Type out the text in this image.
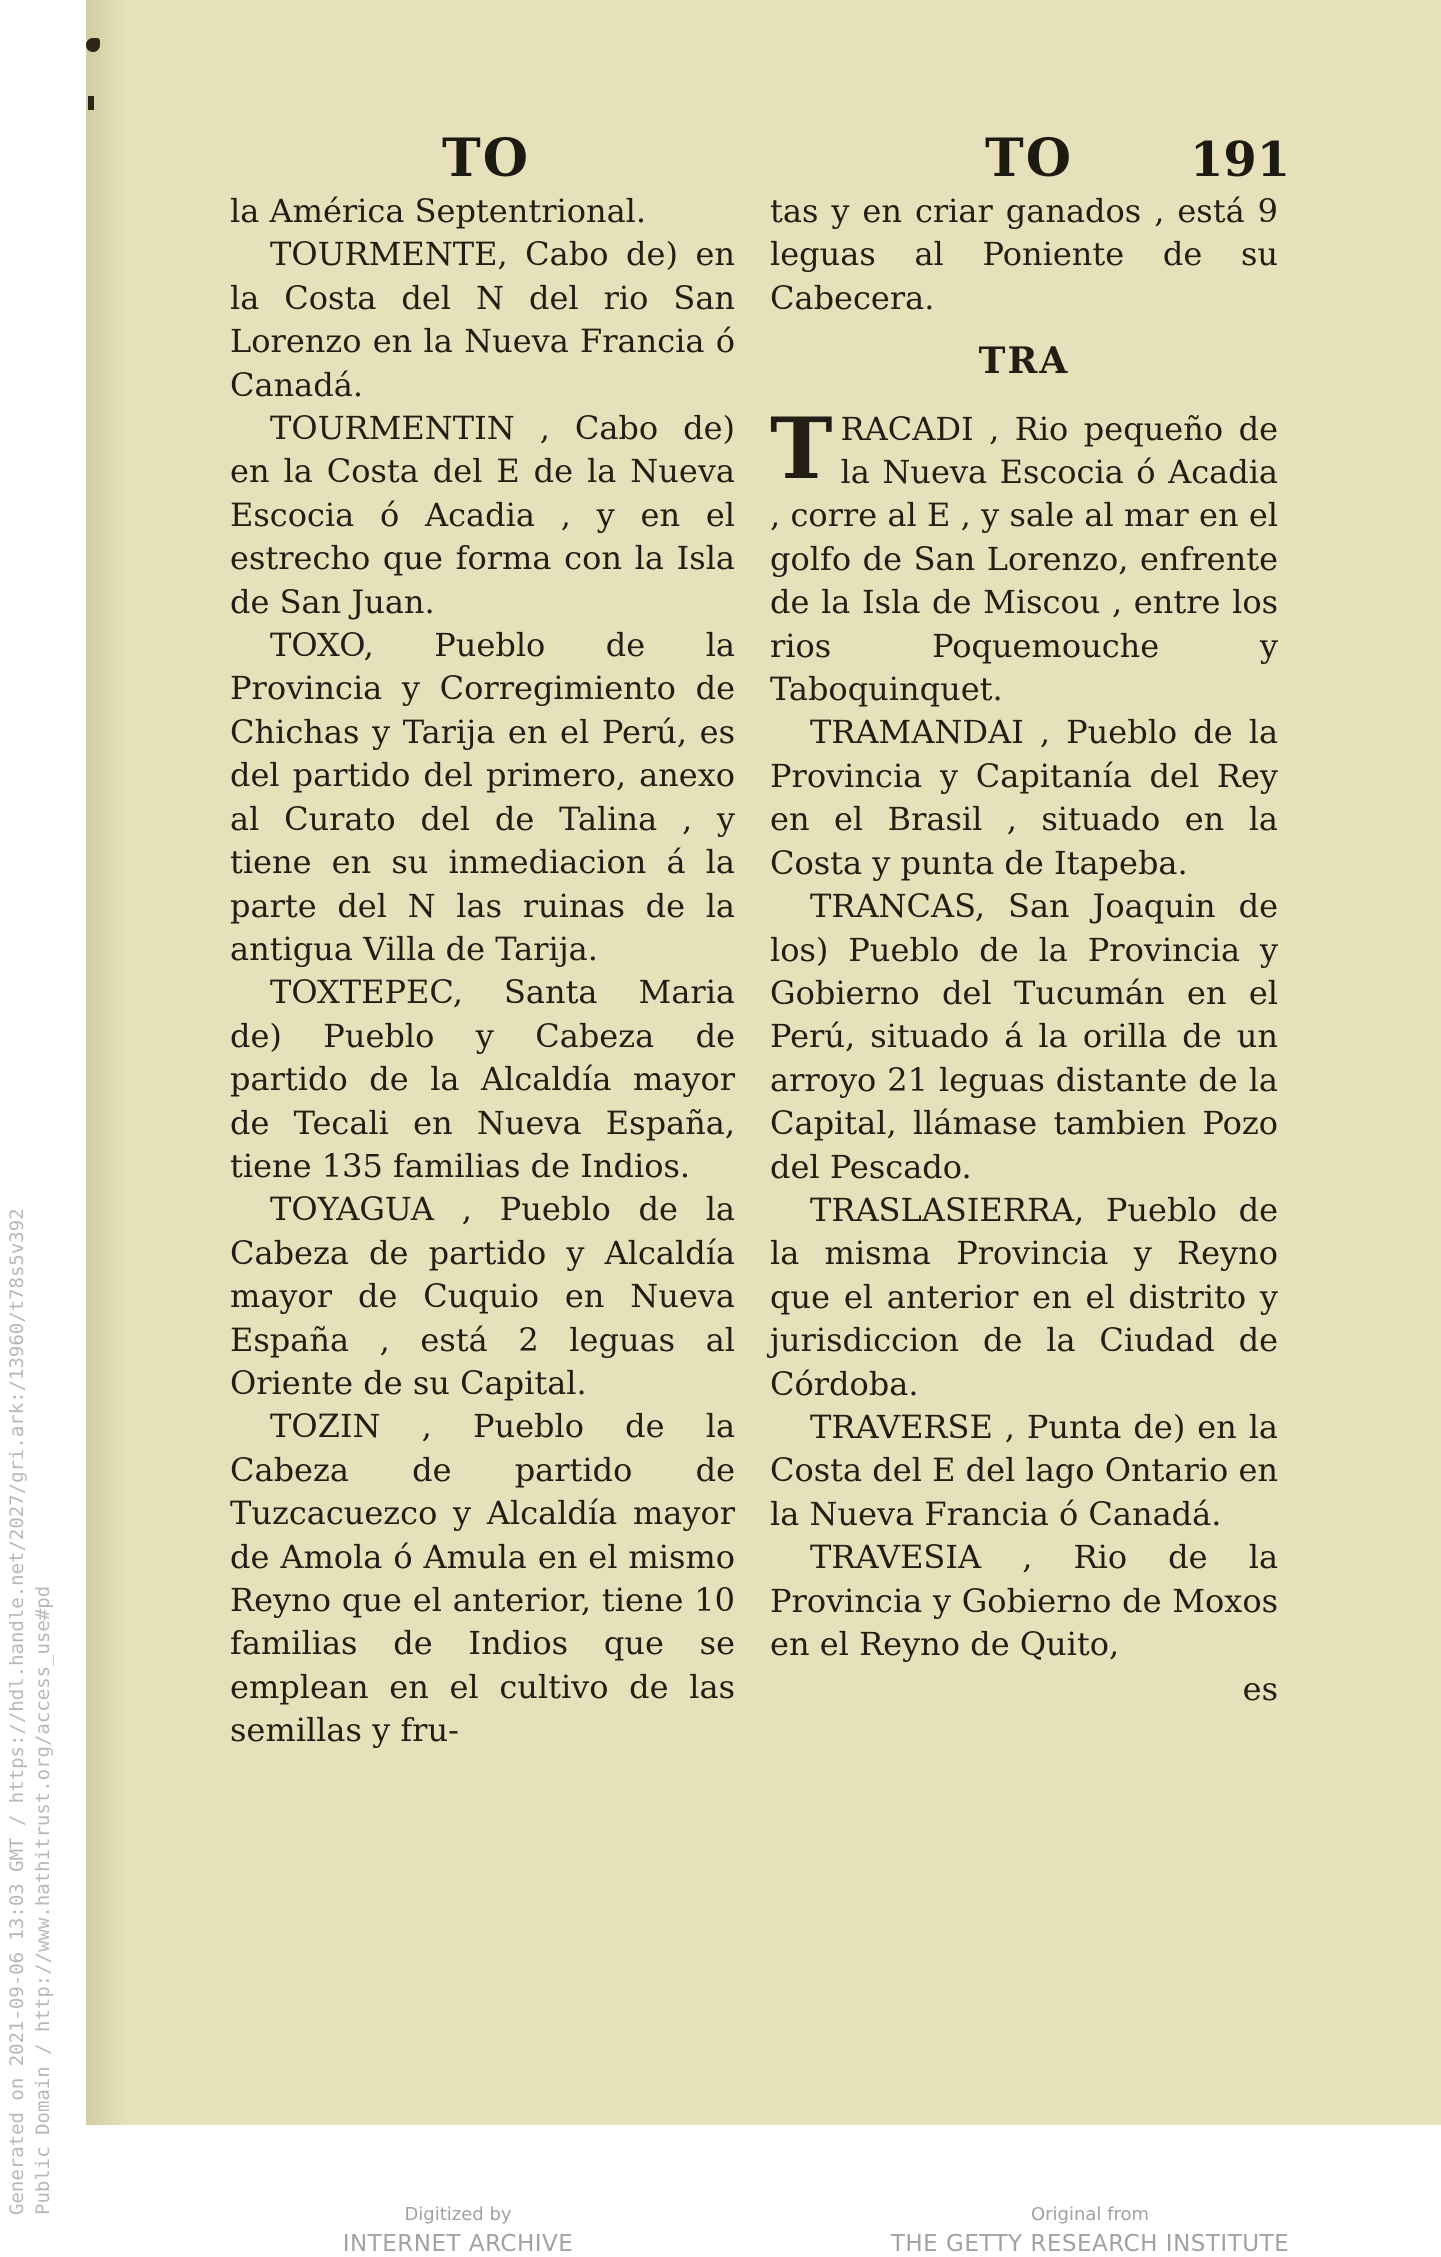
TO	TO 191

la América Septentrional.

TOURMENTE, Cabo de) en la Costa del N del rio San Lorenzo en la Nueva Francia ó Canadá.

TOURMENTIN , Cabo de) en la Costa del E de la Nueva Escocia ó Acadia , y en el estrecho que forma con la Isla de San Juan.

TOXO, Pueblo de la Provincia y Corregimiento de Chichas y Tarija en el Perú, es del partido del primero, anexo al Curato del de Talina , y tiene en su inmediacion á la parte del N las ruinas de la antigua Villa de Tarija.

TOXTEPEC, Santa Maria de) Pueblo y Cabeza de partido de la Alcaldía mayor de Tecali en Nueva España, tiene 135 familias de Indios.

TOYAGUA , Pueblo de la Cabeza de partido y Alcaldía mayor de Cuquio en Nueva España , está 2 leguas al Oriente de su Capital.

TOZIN , Pueblo de la Cabeza de partido de Tuzcacuezco y Alcaldía mayor de Amola ó Amula en el mismo Reyno que el anterior, tiene 10 familias de Indios que se emplean en el cultivo de las semillas y fru-

tas y en criar ganados , está 9 leguas al Poniente de su Cabecera.

TRA

TRACADI , Rio pequeño de la Nueva Escocia ó Acadia , corre al E , y sale al mar en el golfo de San Lorenzo, enfrente de la Isla de Miscou , entre los rios Poquemouche y Taboquinquet.

TRAMANDAI , Pueblo de la Provincia y Capitanía del Rey en el Brasil , situado en la Costa y punta de Itapeba.

TRANCAS, San Joaquin de los) Pueblo de la Provincia y Gobierno del Tucumán en el Perú, situado á la orilla de un arroyo 21 leguas distante de la Capital, llámase tambien Pozo del Pescado.

TRASLASIERRA, Pueblo de la misma Provincia y Reyno que el anterior en el distrito y jurisdiccion de la Ciudad de Córdoba.

TRAVERSE , Punta de) en la Costa del E del lago Ontario en la Nueva Francia ó Canadá.

TRAVESIA , Rio de la Provincia y Gobierno de Moxos en el Reyno de Quito,

es
Generated on 2021-09-06 13:03 GMT / https://hdl.handle.net/2027/gri.ark:/13960/t78s5v392 Public Domain / http://www.hathitrust.org/access_use#pd	Digitized by
INTERNET ARCHIVE
Original from
THE GETTY RESEARCH INSTITUTE
